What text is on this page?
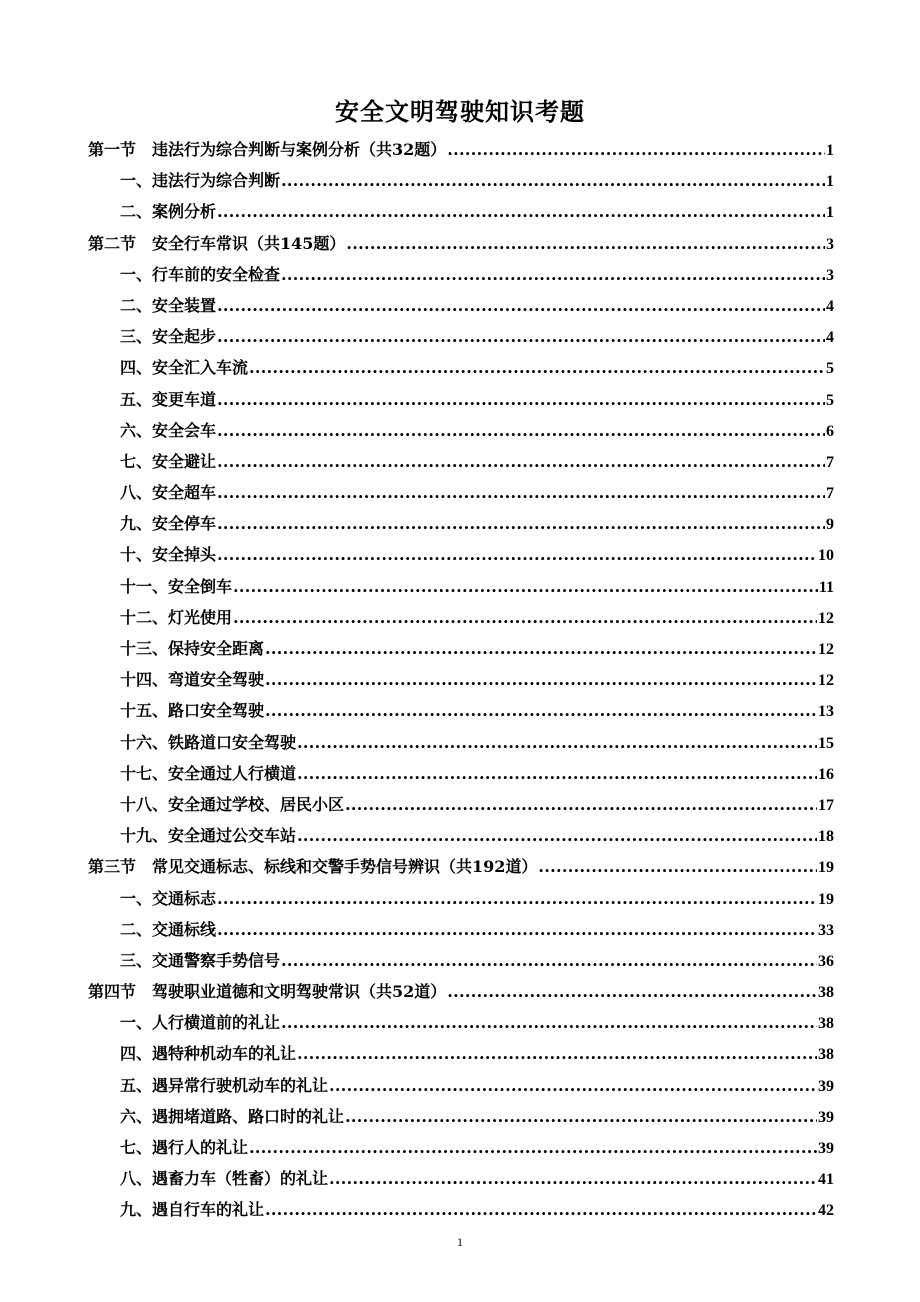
安全文明驾驶知识考题
第一节 违法行为综合判断与案例分析（共32题） .....	1
一、违法行为综合判断 .....	1
二、案例分析 .....	1
第二节 安全行车常识（共145题） .....	3
一、行车前的安全检查 .....	3
二、安全装置 .....	4
三、安全起步 .....	4
四、安全汇入车流 .....	5
五、变更车道 .....	5
六、安全会车 .....	6
七、安全避让 .....	7
八、安全超车 .....	7
九、安全停车 .....	9
十、安全掉头 .....	10
十一、安全倒车 .....	11
十二、灯光使用 .....	12
十三、保持安全距离 .....	12
十四、弯道安全驾驶 .....	12
十五、路口安全驾驶 .....	13
十六、铁路道口安全驾驶 .....	15
十七、安全通过人行横道 .....	16
十八、安全通过学校、居民小区 .....	17
十九、安全通过公交车站 .....	18
第三节 常见交通标志、标线和交警手势信号辨识（共192道） .....	19
一、交通标志 .....	19
二、交通标线 .....	33
三、交通警察手势信号 .....	36
第四节 驾驶职业道德和文明驾驶常识（共52道） .....	38
一、人行横道前的礼让 .....	38
四、遇特种机动车的礼让 .....	38
五、遇异常行驶机动车的礼让 .....	39
六、遇拥堵道路、路口时的礼让 .....	39
七、遇行人的礼让 .....	39
八、遇畜力车（牲畜）的礼让 .....	41
九、遇自行车的礼让 .....	42
1
